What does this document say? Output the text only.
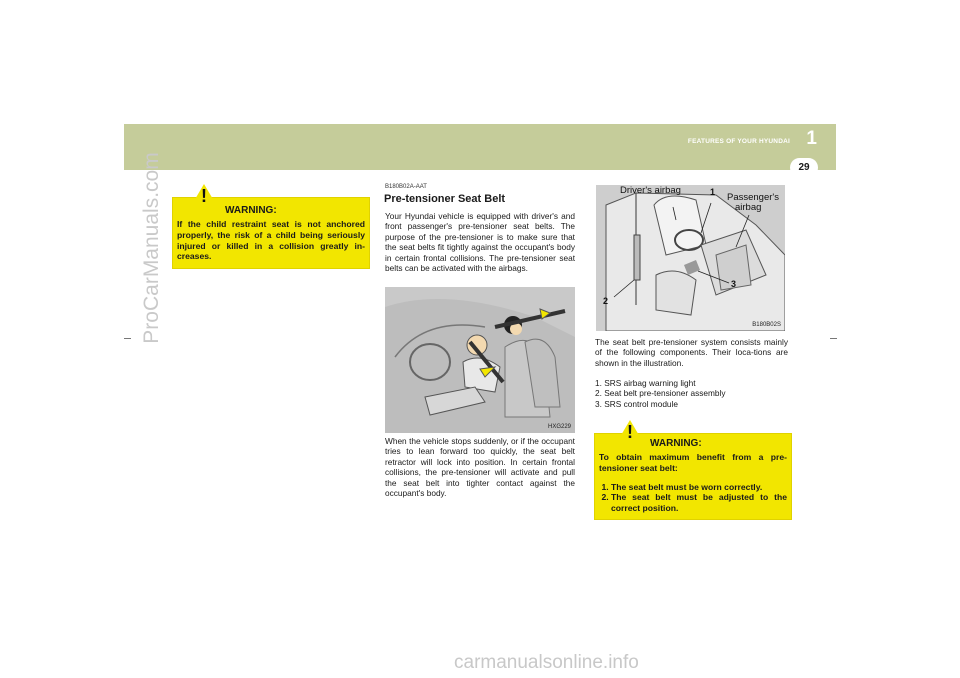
FEATURES OF YOUR HYUNDAI 1
29
ProCarManuals.com !
WARNING:
If the child restraint seat is not anchored properly, the risk of a child being seriously injured or killed in a collision greatly in-creases.
B180B02A-AAT
Pre-tensioner Seat Belt
Your Hyundai vehicle is equipped with driver's and front passenger's pre-tensioner seat belts. The purpose of the pre-tensioner is to make sure that the seat belts fit tightly against the occupant's body in certain frontal collisions. The pre-tensioner seat belts can be activated with the airbags.
HXG229
When the vehicle stops suddenly, or if the occupant tries to lean forward too quickly, the seat belt retractor will lock into position. In certain frontal collisions, the pre-tensioner will activate and pull the seat belt into tighter contact against the occupant's body.
Driver's airbag
Passenger's
airbag
1
2
3
B180B02S
The seat belt pre-tensioner system consists mainly of the following components. Their loca-tions are shown in the illustration.
1. SRS airbag warning light
2. Seat belt pre-tensioner assembly
3. SRS control module
!
WARNING:
To obtain maximum benefit from a pre-tensioner seat belt:
1. The seat belt must be worn correctly.
2. The seat belt must be adjusted to the correct position.
carmanualsonline.info
